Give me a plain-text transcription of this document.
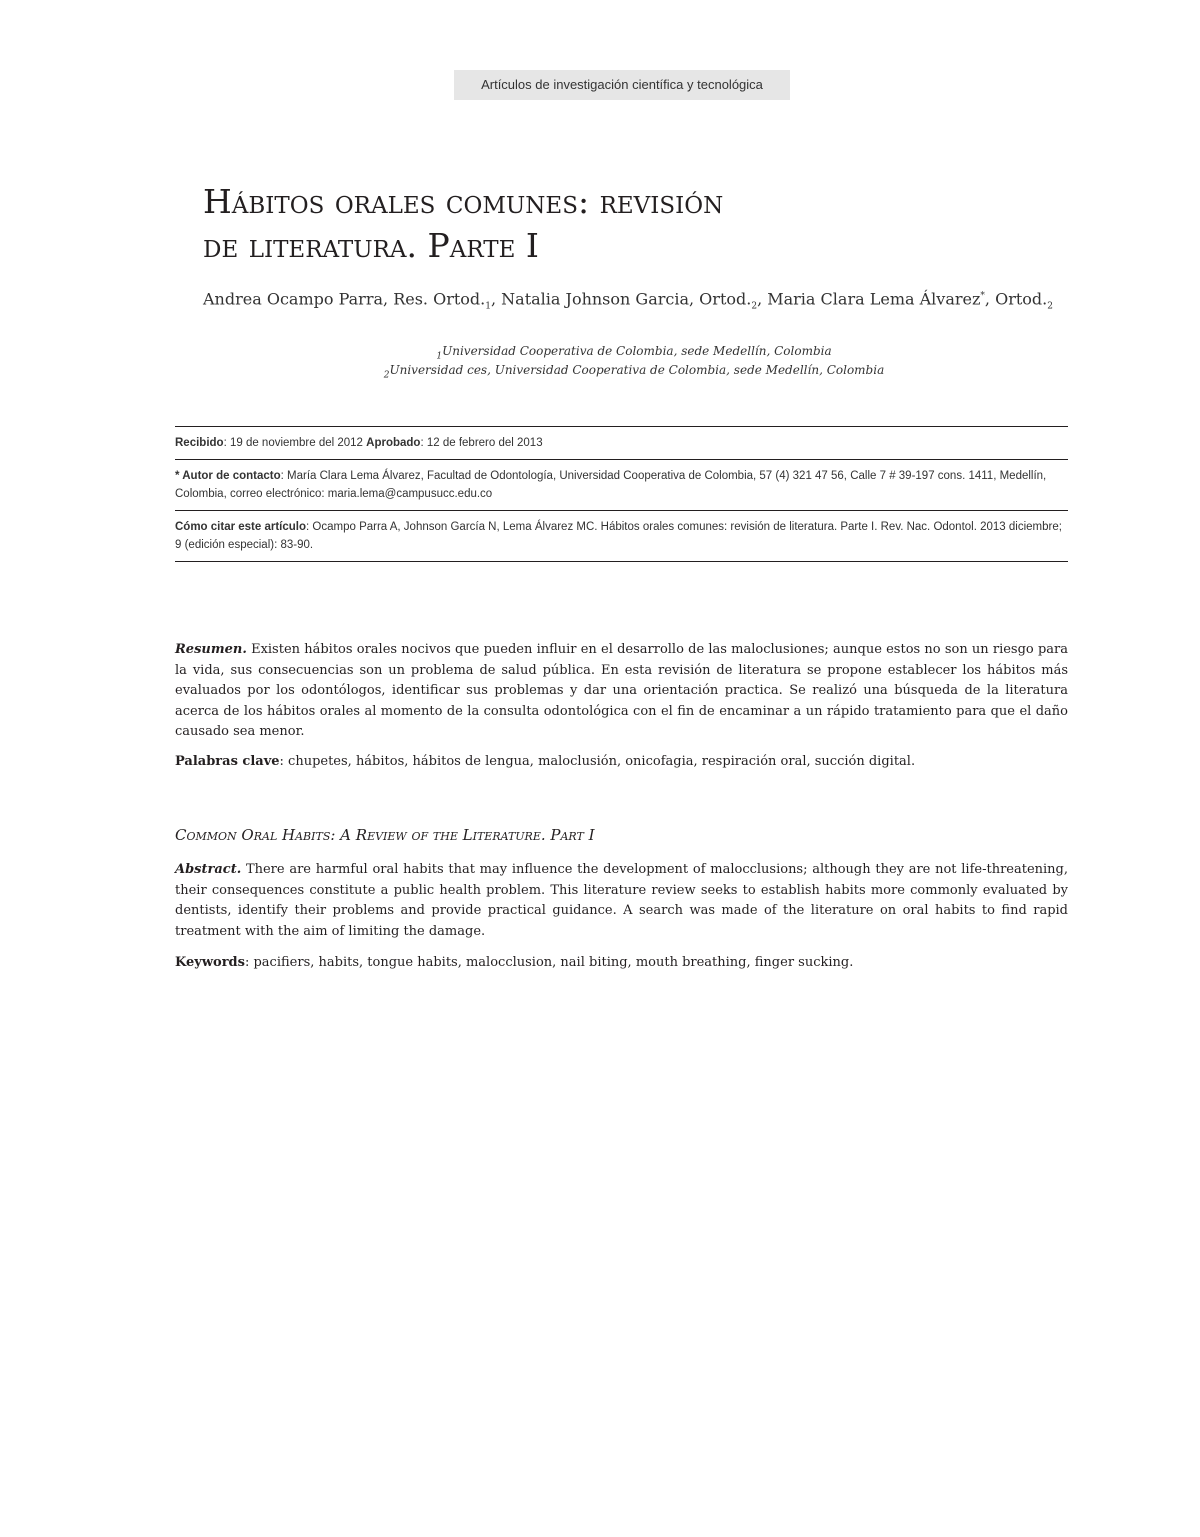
Artículos de investigación científica y tecnológica
Hábitos orales comunes: revisión
de literatura. Parte I
Andrea Ocampo Parra, Res. $Ortod._1$, Natalia Johnson Garcia, $Ortod._2$, Maria Clara Lema Álvarez*, $Ortod._2$
$_1$Universidad Cooperativa de Colombia, sede Medellín, Colombia
$_2$Universidad ces, Universidad Cooperativa de Colombia, sede Medellín, Colombia
Recibido: 19 de noviembre del 2012 Aprobado: 12 de febrero del 2013
* Autor de contacto: María Clara Lema Álvarez, Facultad de Odontología, Universidad Cooperativa de Colombia, 57 (4) 321 47 56, Calle 7 # 39-197 cons. 1411, Medellín, Colombia, correo electrónico: maria.lema@campusucc.edu.co
Cómo citar este artículo: Ocampo Parra A, Johnson García N, Lema Álvarez MC. Hábitos orales comunes: revisión de literatura. Parte I. Rev. Nac. Odontol. 2013 diciembre; 9 (edición especial): 83-90.

Resumen. Existen hábitos orales nocivos que pueden influir en el desarrollo de las maloclusiones; aunque estos no son un riesgo para la vida, sus consecuencias son un problema de salud pública. En esta revisión de literatura se propone establecer los hábitos más evaluados por los odontólogos, identificar sus problemas y dar una orientación practica. Se realizó una búsqueda de la literatura acerca de los hábitos orales al momento de la consulta odontológica con el fin de encaminar a un rápido tratamiento para que el daño causado sea menor.

Palabras clave: chupetes, hábitos, hábitos de lengua, maloclusión, onicofagia, respiración oral, succión digital.

Common Oral Habits: A Review of the Literature. Part I

Abstract. There are harmful oral habits that may influence the development of malocclusions; although they are not life-threatening, their consequences constitute a public health problem. This literature review seeks to establish habits more commonly evaluated by dentists, identify their problems and provide practical guidance. A search was made of the literature on oral habits to find rapid treatment with the aim of limiting the damage.

Keywords: pacifiers, habits, tongue habits, malocclusion, nail biting, mouth breathing, finger sucking.
